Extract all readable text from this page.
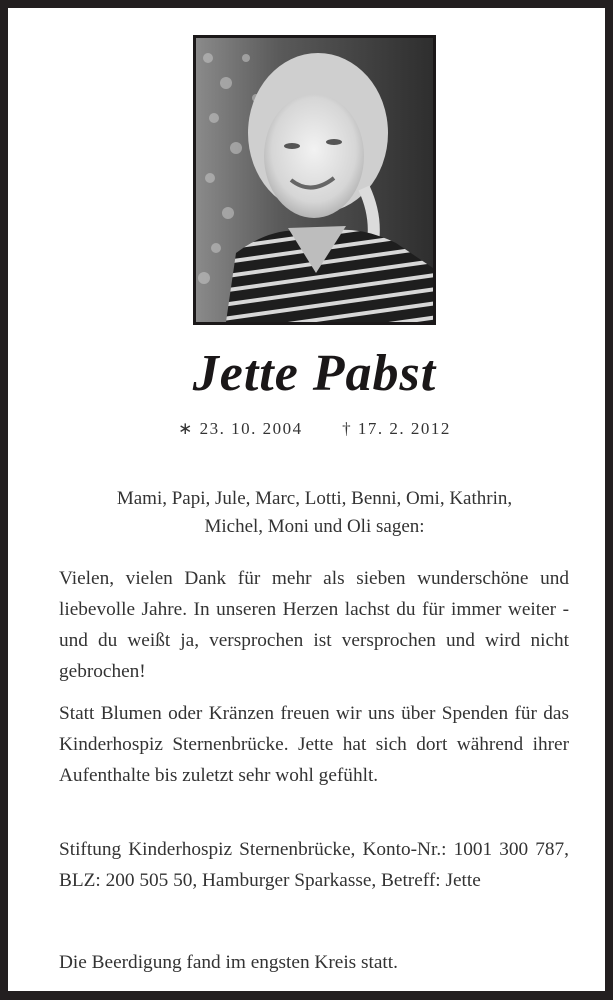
Jette Pabst
∗ 23. 10. 2004 † 17. 2. 2012
Mami, Papi, Jule, Marc, Lotti, Benni, Omi, Kathrin,
Michel, Moni und Oli sagen:
Vielen, vielen Dank für mehr als sieben wunderschöne und liebevolle Jahre. In unseren Herzen lachst du für immer weiter - und du weißt ja, versprochen ist versprochen und wird nicht gebrochen!
Statt Blumen oder Kränzen freuen wir uns über Spenden für das Kinderhospiz Sternenbrücke. Jette hat sich dort während ihrer Aufenthalte bis zuletzt sehr wohl gefühlt.
Stiftung Kinderhospiz Sternenbrücke, Konto-Nr.: 1001 300 787, BLZ: 200 505 50, Hamburger Sparkasse, Betreff: Jette
Die Beerdigung fand im engsten Kreis statt.
